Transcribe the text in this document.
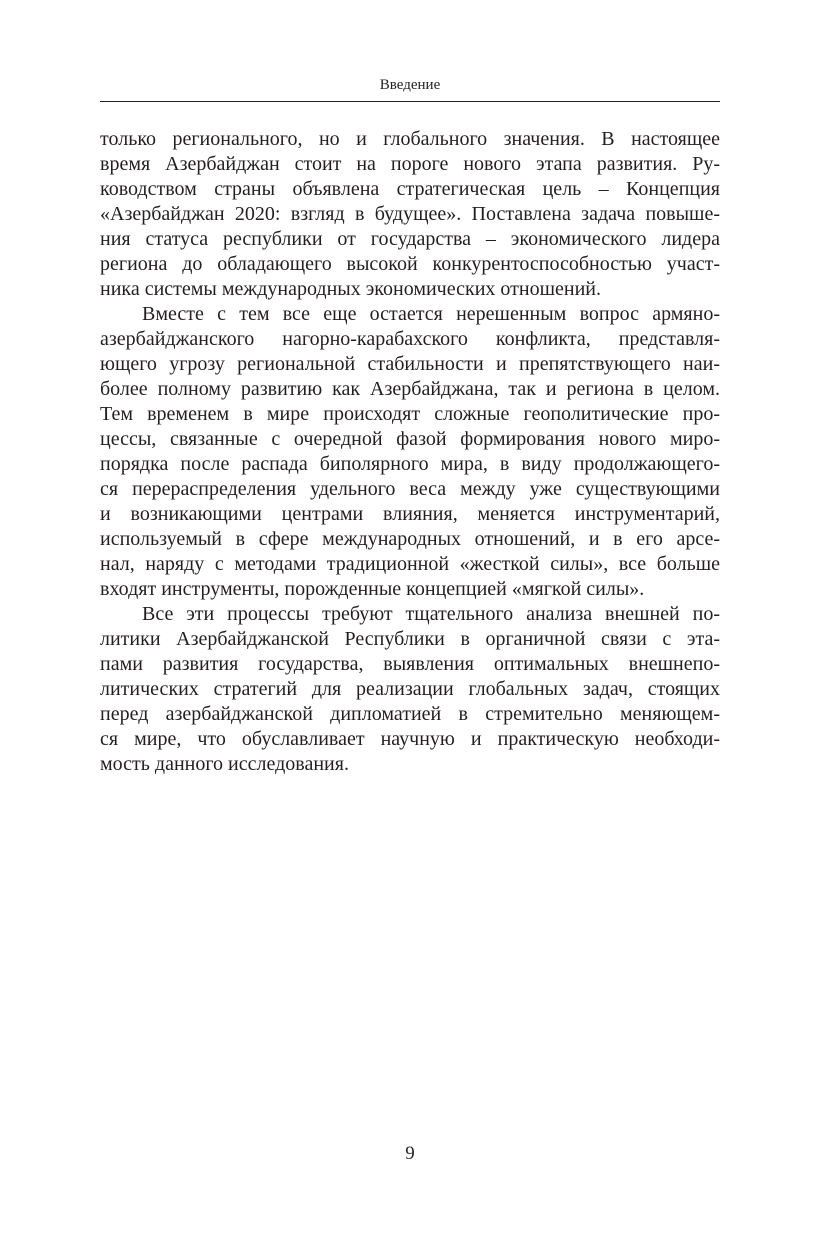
Введение
только регионального, но и глобального значения. В настоящее
время Азербайджан стоит на пороге нового этапа развития. Ру-
ководством страны объявлена стратегическая цель – Концепция
«Азербайджан 2020: взгляд в будущее». Поставлена задача повыше-
ния статуса республики от государства – экономического лидера
региона до обладающего высокой конкурентоспособностью участ-
ника системы международных экономических отношений.
Вместе с тем все еще остается нерешенным вопрос армяно-
азербайджанского нагорно-карабахского конфликта, представля-
ющего угрозу региональной стабильности и препятствующего наи-
более полному развитию как Азербайджана, так и региона в целом.
Тем временем в мире происходят сложные геополитические про-
цессы, связанные с очередной фазой формирования нового миро-
порядка после распада биполярного мира, в виду продолжающего-
ся перераспределения удельного веса между уже существующими
и возникающими центрами влияния, меняется инструментарий,
используемый в сфере международных отношений, и в его арсе-
нал, наряду с методами традиционной «жесткой силы», все больше
входят инструменты, порожденные концепцией «мягкой силы».
Все эти процессы требуют тщательного анализа внешней по-
литики Азербайджанской Республики в органичной связи с эта-
пами развития государства, выявления оптимальных внешнепо-
литических стратегий для реализации глобальных задач, стоящих
перед азербайджанской дипломатией в стремительно меняющем-
ся мире, что обуславливает научную и практическую необходи-
мость данного исследования.
9
